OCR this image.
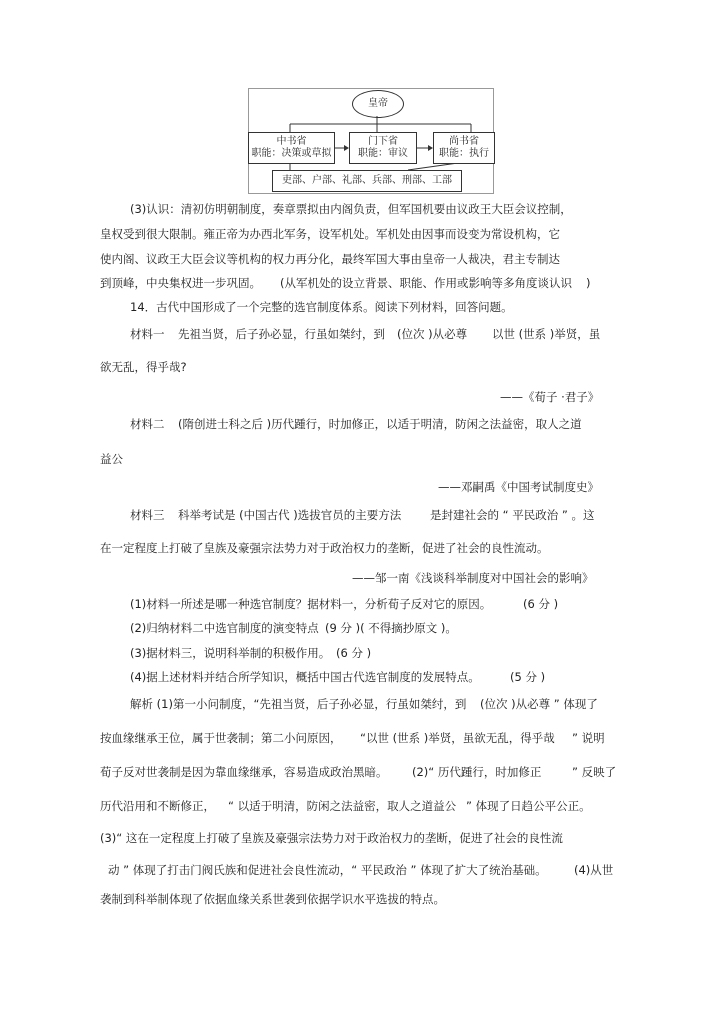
皇帝
中书省
职能：决策或草拟
门下省
职能：审议
尚书省
职能：执行
吏部、户部、礼部、兵部、刑部、工部
(3)认识：清初仿明朝制度，奏章票拟由内阁负责，但军国机要由议政王大臣会议控制，
皇权受到很大限制。雍正帝为办西北军务，设军机处。军机处由因事而设变为常设机构，它
使内阁、议政王大臣会议等机构的权力再分化，最终军国大事由皇帝一人裁决，君主专制达
到顶峰，中央集权进一步巩固。 (从军机处的设立背景、职能、作用或影响等多角度谈认识 )
14．古代中国形成了一个完整的选官制度体系。阅读下列材料，回答问题。
材料一 先祖当贤，后子孙必显，行虽如桀纣，到 (位次 )从必尊 以世 (世系 )举贤，虽
欲无乱，得乎哉?
——《荀子 ·君子》
材料二 (隋创进士科之后 )历代踵行，时加修正，以适于明清，防闲之法益密，取人之道
益公
——邓嗣禹《中国考试制度史》
材料三 科举考试是 (中国古代 )选拔官员的主要方法 是封建社会的 “ 平民政治 ” 。这
在一定程度上打破了皇族及豪强宗法势力对于政治权力的垄断，促进了社会的良性流动。
——邹一南《浅谈科举制度对中国社会的影响》
(1)材料一所述是哪一种选官制度？据材料一，分析荀子反对它的原因。	(6 分 )
(2)归纳材料二中选官制度的演变特点 (9 分 )( 不得摘抄原文 )。
(3)据材料三，说明科举制的积极作用。 (6 分 )
(4)据上述材料并结合所学知识，概括中国古代选官制度的发展特点。	(5 分 )
解析 (1)第一小问制度，“先祖当贤，后子孙必显，行虽如桀纣，到 (位次 )从必尊 ” 体现了
按血缘继承王位，属于世袭制；第二小问原因， “以世 (世系 )举贤，虽欲无乱，得乎哉 ” 说明
荀子反对世袭制是因为靠血缘继承，容易造成政治黑暗。 (2)“ 历代踵行，时加修正	” 反映了
历代沿用和不断修正， “ 以适于明清，防闲之法益密，取人之道益公 ” 体现了日趋公平公正。
(3)“ 这在一定程度上打破了皇族及豪强宗法势力对于政治权力的垄断，促进了社会的良性流
动 ” 体现了打击门阀氏族和促进社会良性流动，“ 平民政治 ” 体现了扩大了统治基础。 (4)从世
袭制到科举制体现了依据血缘关系世袭到依据学识水平选拔的特点。
